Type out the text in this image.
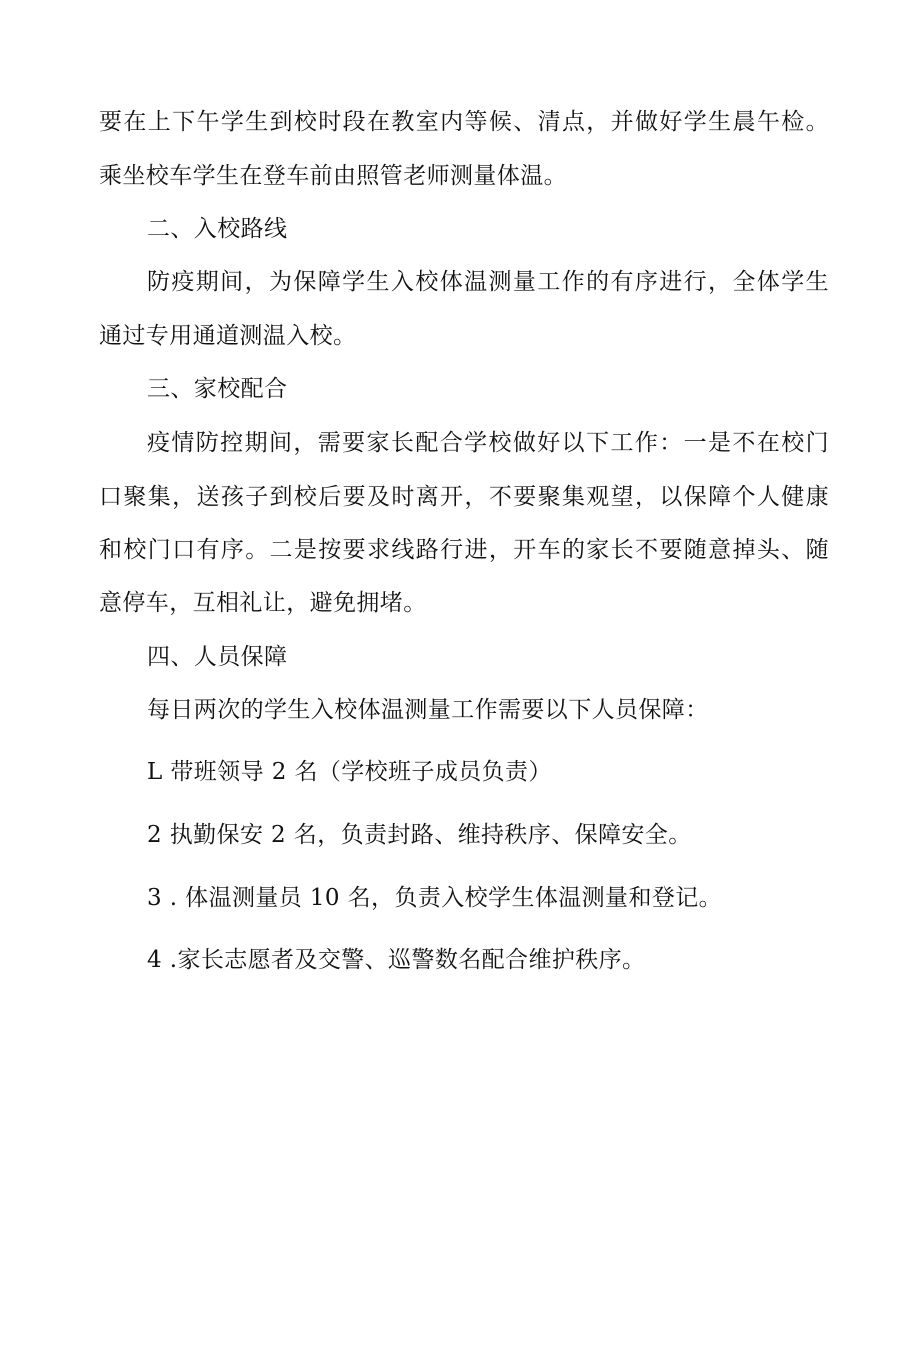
要在上下午学生到校时段在教室内等候、清点，并做好学生晨午检。
乘坐校车学生在登车前由照管老师测量体温。
二、入校路线
防疫期间，为保障学生入校体温测量工作的有序进行，全体学生
通过专用通道测温入校。
三、家校配合
疫情防控期间，需要家长配合学校做好以下工作：一是不在校门
口聚集，送孩子到校后要及时离开，不要聚集观望，以保障个人健康
和校门口有序。二是按要求线路行进，开车的家长不要随意掉头、随
意停车，互相礼让，避免拥堵。
四、人员保障
每日两次的学生入校体温测量工作需要以下人员保障：
L 带班领导 2 名（学校班子成员负责）
2 执勤保安 2 名，负责封路、维持秩序、保障安全。
3 . 体温测量员 10 名，负责入校学生体温测量和登记。
4 .家长志愿者及交警、巡警数名配合维护秩序。
